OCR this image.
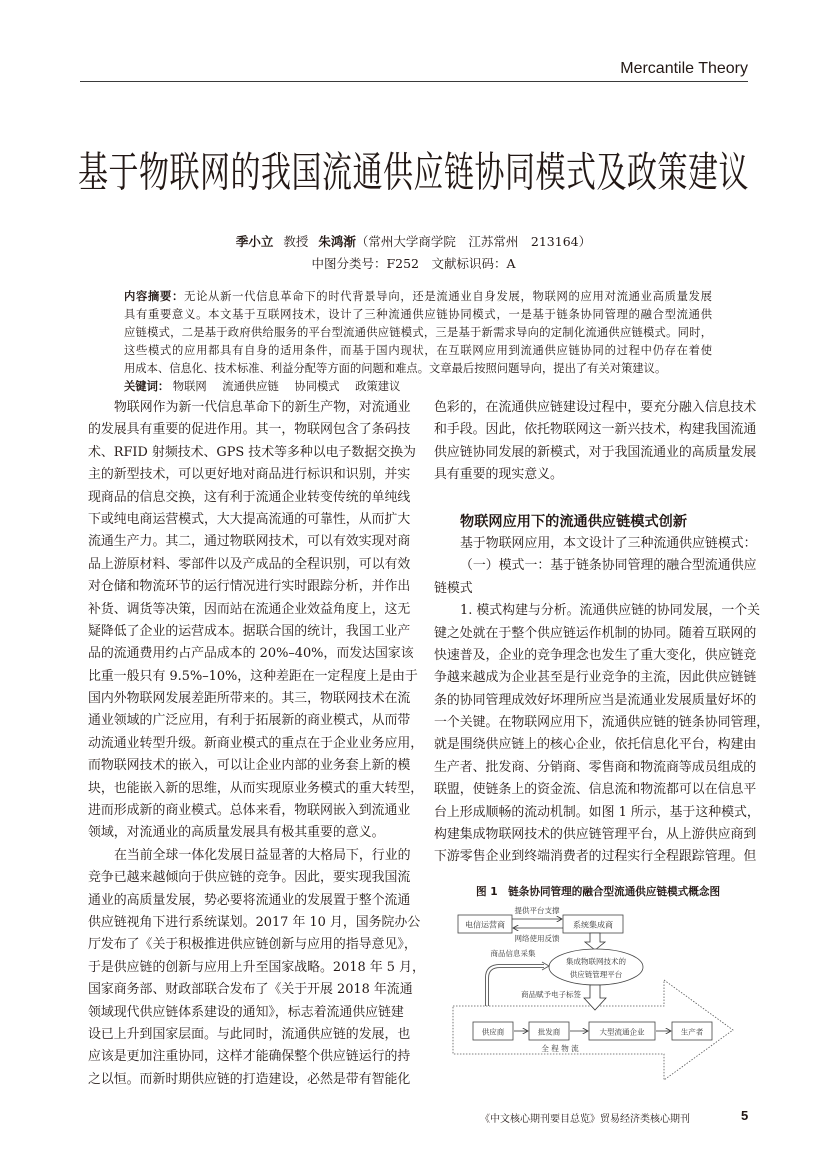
Mercantile Theory
基于物联网的我国流通供应链协同模式及政策建议
季小立 教授 朱鸿渐（常州大学商学院　江苏常州　213164）
中图分类号：F252　文献标识码：A
内容摘要：无论从新一代信息革命下的时代背景导向，还是流通业自身发展，物联网的应用对流通业高质量发展
具有重要意义。本文基于互联网技术，设计了三种流通供应链协同模式，一是基于链条协同管理的融合型流通供
应链模式，二是基于政府供给服务的平台型流通供应链模式，三是基于新需求导向的定制化流通供应链模式。同时，
这些模式的应用都具有自身的适用条件，而基于国内现状，在互联网应用到流通供应链协同的过程中仍存在着使
用成本、信息化、技术标准、利益分配等方面的问题和难点。文章最后按照问题导向，提出了有关对策建议。
关键词： 物联网 流通供应链 协同模式 政策建议
物联网作为新一代信息革命下的新生产物，对流通业
的发展具有重要的促进作用。其一，物联网包含了条码技
术、RFID 射频技术、GPS 技术等多种以电子数据交换为
主的新型技术，可以更好地对商品进行标识和识别，并实
现商品的信息交换，这有利于流通企业转变传统的单纯线
下或纯电商运营模式，大大提高流通的可靠性，从而扩大
流通生产力。其二，通过物联网技术，可以有效实现对商
品上游原材料、零部件以及产成品的全程识别，可以有效
对仓储和物流环节的运行情况进行实时跟踪分析，并作出
补货、调货等决策，因而站在流通企业效益角度上，这无
疑降低了企业的运营成本。据联合国的统计，我国工业产
品的流通费用约占产品成本的 20%–40%，而发达国家该
比重一般只有 9.5%–10%，这种差距在一定程度上是由于
国内外物联网发展差距所带来的。其三，物联网技术在流
通业领域的广泛应用，有利于拓展新的商业模式，从而带
动流通业转型升级。新商业模式的重点在于企业业务应用，
而物联网技术的嵌入，可以让企业内部的业务套上新的模
块，也能嵌入新的思维，从而实现原业务模式的重大转型，
进而形成新的商业模式。总体来看，物联网嵌入到流通业
领域，对流通业的高质量发展具有极其重要的意义。
在当前全球一体化发展日益显著的大格局下，行业的
竞争已越来越倾向于供应链的竞争。因此，要实现我国流
通业的高质量发展，势必要将流通业的发展置于整个流通
供应链视角下进行系统谋划。2017 年 10 月，国务院办公
厅发布了《关于积极推进供应链创新与应用的指导意见》，
于是供应链的创新与应用上升至国家战略。2018 年 5 月，
国家商务部、财政部联合发布了《关于开展 2018 年流通
领域现代供应链体系建设的通知》，标志着流通供应链建
设已上升到国家层面。与此同时，流通供应链的发展，也
应该是更加注重协同，这样才能确保整个供应链运行的持
之以恒。而新时期供应链的打造建设，必然是带有智能化
色彩的，在流通供应链建设过程中，要充分融入信息技术
和手段。因此，依托物联网这一新兴技术，构建我国流通
供应链协同发展的新模式，对于我国流通业的高质量发展
具有重要的现实意义。
物联网应用下的流通供应链模式创新
基于物联网应用，本文设计了三种流通供应链模式：
（一）模式一：基于链条协同管理的融合型流通供应
链模式
1. 模式构建与分析。流通供应链的协同发展，一个关
键之处就在于整个供应链运作机制的协同。随着互联网的
快速普及，企业的竞争理念也发生了重大变化，供应链竞
争越来越成为企业甚至是行业竞争的主流，因此供应链链
条的协同管理成效好坏理所应当是流通业发展质量好坏的
一个关键。在物联网应用下，流通供应链的链条协同管理，
就是围绕供应链上的核心企业，依托信息化平台，构建由
生产者、批发商、分销商、零售商和物流商等成员组成的
联盟，使链条上的资金流、信息流和物流都可以在信息平
台上形成顺畅的流动机制。如图 1 所示，基于这种模式，
构建集成物联网技术的供应链管理平台，从上游供应商到
下游零售企业到终端消费者的过程实行全程跟踪管理。但
图 1　链条协同管理的融合型流通供应链模式概念图
电信运营商	系统集成商
提供平台支撑
网络使用反馈
集成物联网技术的
供应链管理平台
商品信息采集
商品赋予电子标签
供应商	批发商	大型流通企业	生产者
全 程 物 流
《中文核心期刊要目总览》贸易经济类核心期刊	5
